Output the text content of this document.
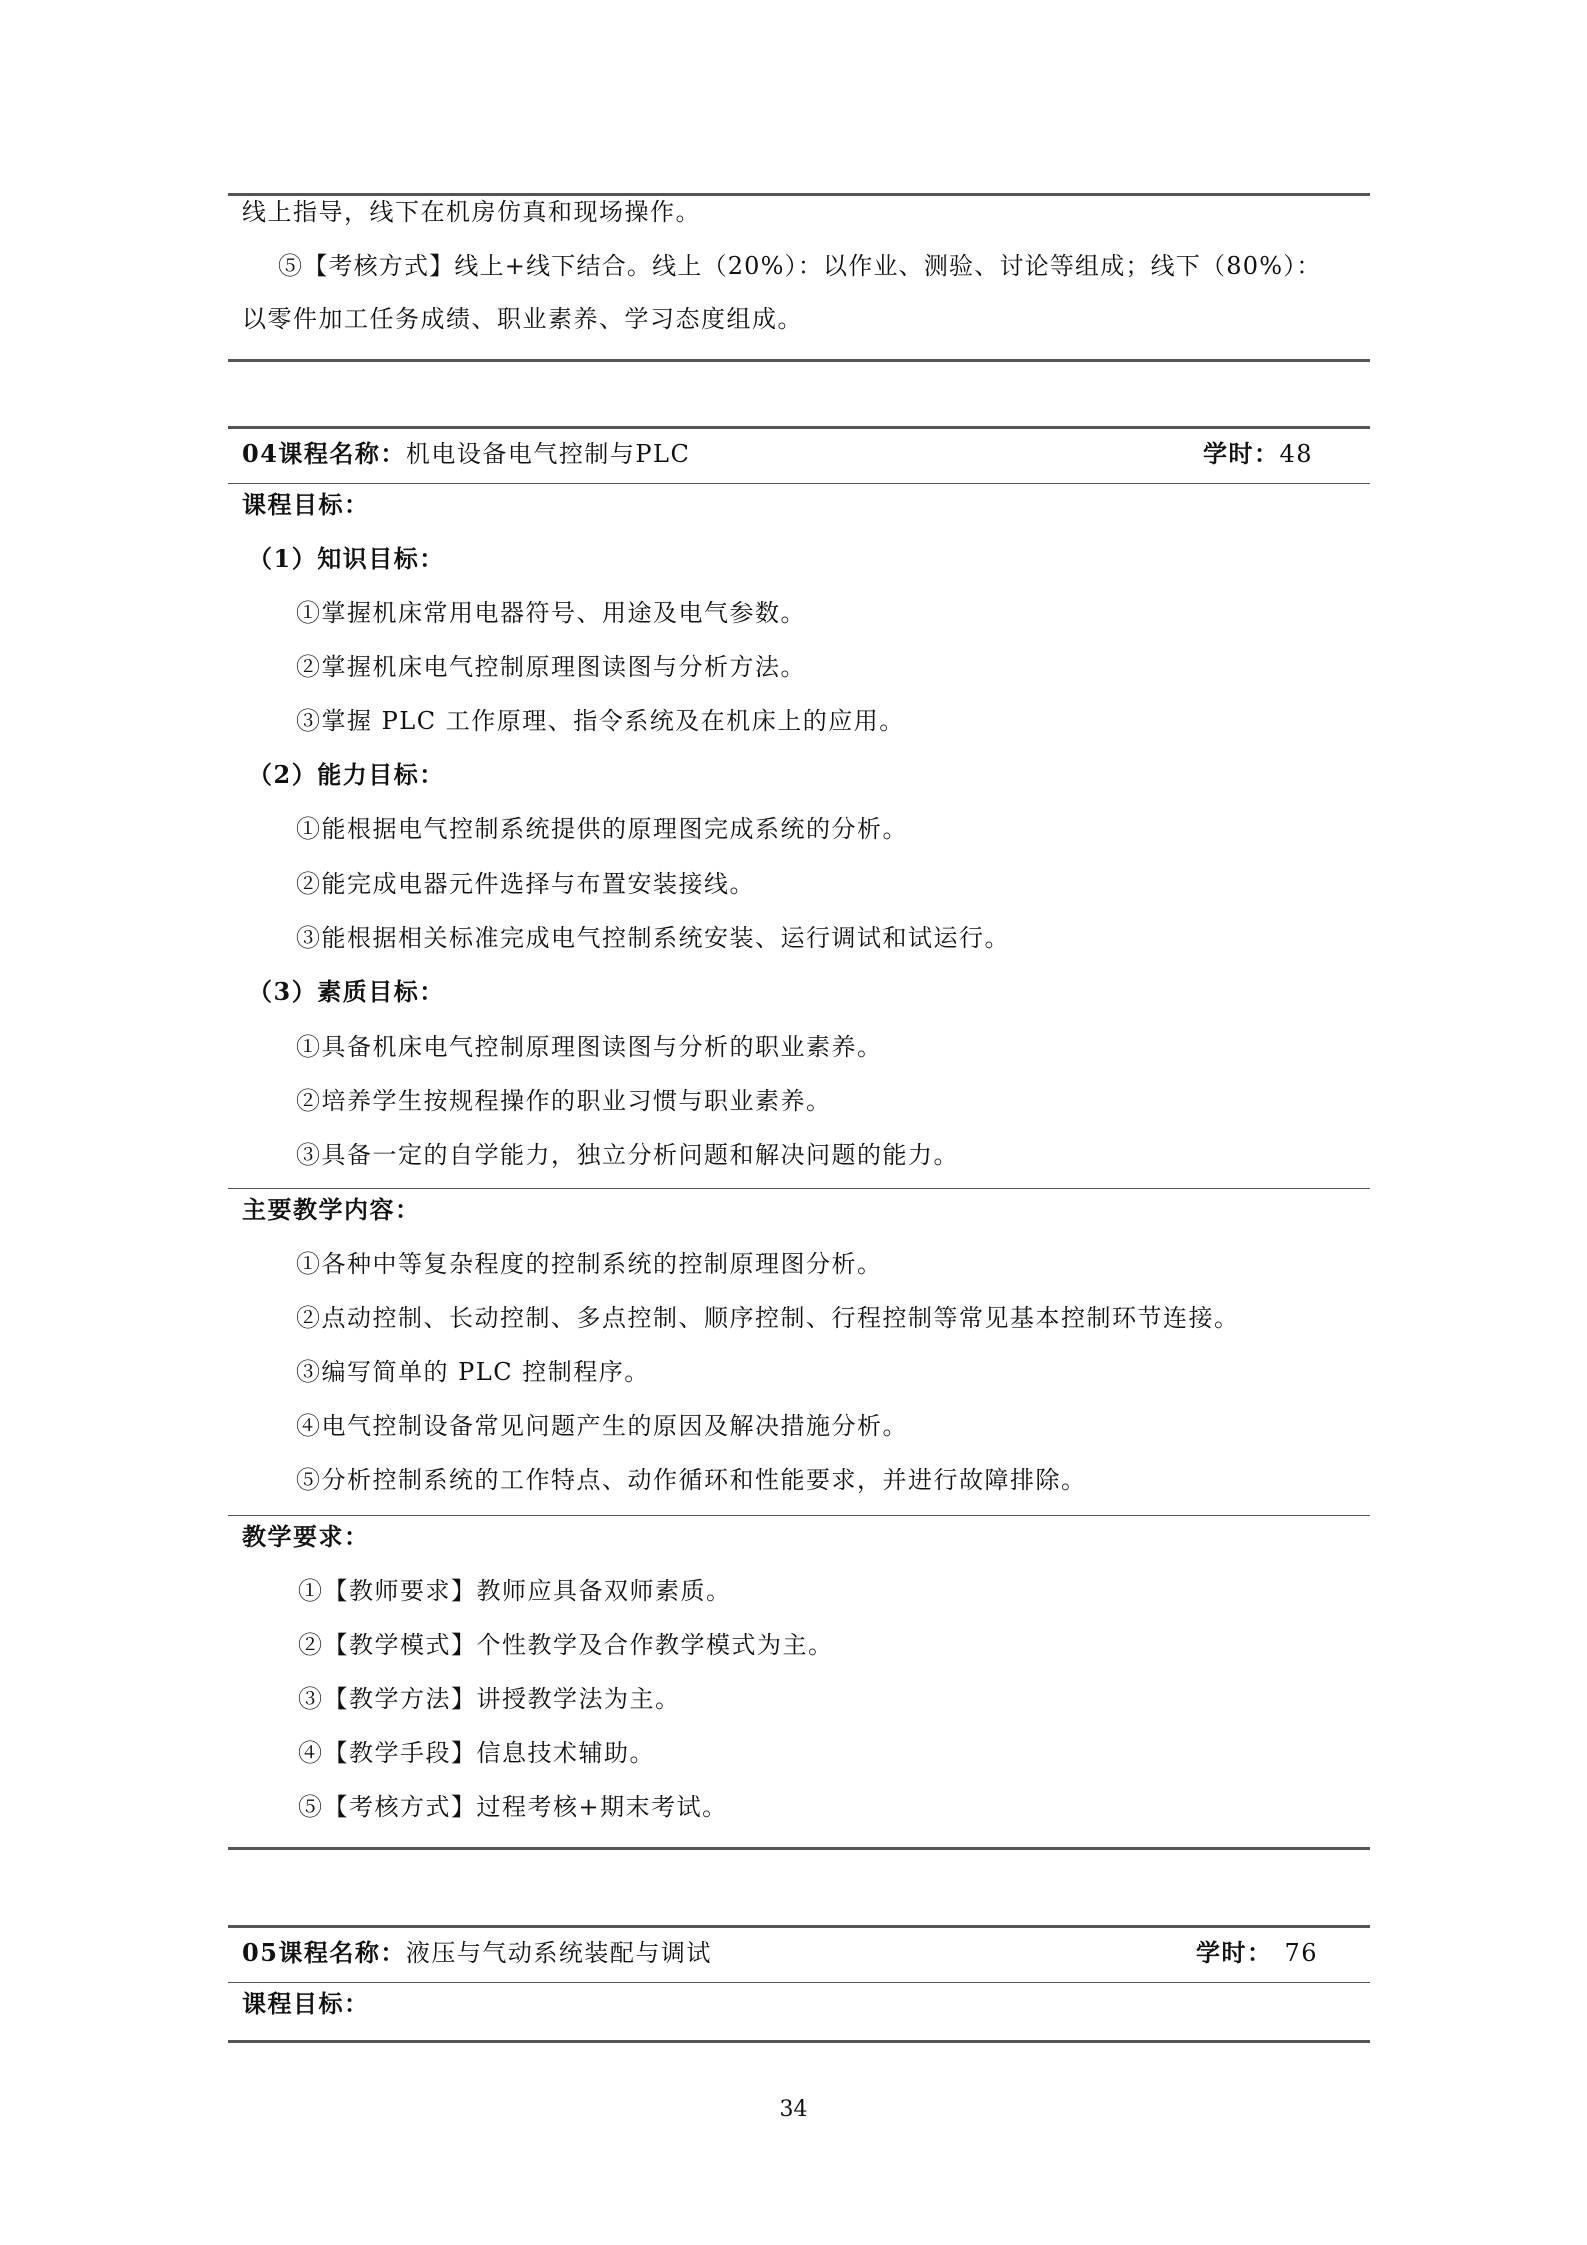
线上指导，线下在机房仿真和现场操作。
⑤【考核方式】线上+线下结合。线上（20%）：以作业、测验、讨论等组成；线下（80%）：
以零件加工任务成绩、职业素养、学习态度组成。
04课程名称：机电设备电气控制与PLC	学时：48
课程目标：
（1）知识目标：
①掌握机床常用电器符号、用途及电气参数。
②掌握机床电气控制原理图读图与分析方法。
③掌握 PLC 工作原理、指令系统及在机床上的应用。
（2）能力目标：
①能根据电气控制系统提供的原理图完成系统的分析。
②能完成电器元件选择与布置安装接线。
③能根据相关标准完成电气控制系统安装、运行调试和试运行。
（3）素质目标：
①具备机床电气控制原理图读图与分析的职业素养。
②培养学生按规程操作的职业习惯与职业素养。
③具备一定的自学能力，独立分析问题和解决问题的能力。
主要教学内容：
①各种中等复杂程度的控制系统的控制原理图分析。
②点动控制、长动控制、多点控制、顺序控制、行程控制等常见基本控制环节连接。
③编写简单的 PLC 控制程序。
④电气控制设备常见问题产生的原因及解决措施分析。
⑤分析控制系统的工作特点、动作循环和性能要求，并进行故障排除。
教学要求：
①【教师要求】教师应具备双师素质。
②【教学模式】个性教学及合作教学模式为主。
③【教学方法】讲授教学法为主。
④【教学手段】信息技术辅助。
⑤【考核方式】过程考核+期末考试。
05课程名称：液压与气动系统装配与调试	学时： 76
课程目标：
34
